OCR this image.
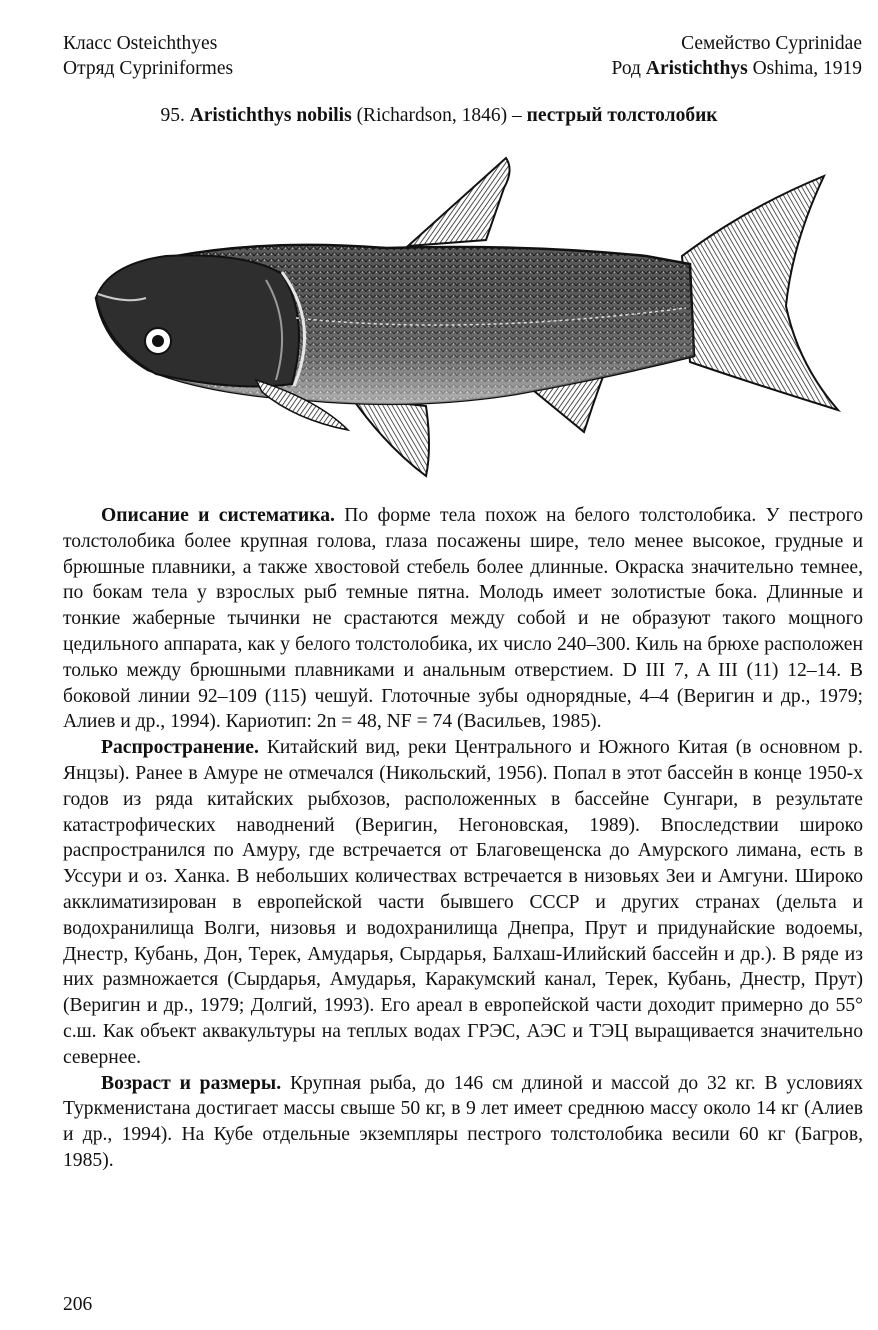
Класс Osteichthyes
Отряд Cypriniformes
Семейство Cyprinidae
Род Aristichthys Oshima, 1919
95. Aristichthys nobilis (Richardson, 1846) – пестрый толстолобик

Описание и систематика. По форме тела похож на белого толстолобика. У пестрого толстолобика более крупная голова, глаза посажены шире, тело менее высокое, грудные и брюшные плавники, а также хвостовой стебель более длинные. Окраска значительно темнее, по бокам тела у взрослых рыб темные пятна. Молодь имеет золотистые бока. Длинные и тонкие жаберные тычинки не срастаются между собой и не образуют такого мощного цедильного аппарата, как у белого толстолобика, их число 240–300. Киль на брюхе расположен только между брюшными плавниками и анальным отверстием. D III 7, A III (11) 12–14. В боковой линии 92–109 (115) чешуй. Глоточные зубы однорядные, 4–4 (Веригин и др., 1979; Алиев и др., 1994). Кариотип: 2n = 48, NF = 74 (Васильев, 1985).

Распространение. Китайский вид, реки Центрального и Южного Китая (в основном р. Янцзы). Ранее в Амуре не отмечался (Никольский, 1956). Попал в этот бассейн в конце 1950-х годов из ряда китайских рыбхозов, расположенных в бассейне Сунгари, в результате катастрофических наводнений (Веригин, Негоновская, 1989). Впоследствии широко распространился по Амуру, где встречается от Благовещенска до Амурского лимана, есть в Уссури и оз. Ханка. В небольших количествах встречается в низовьях Зеи и Амгуни. Широко акклиматизирован в европейской части бывшего СССР и других странах (дельта и водохранилища Волги, низовья и водохранилища Днепра, Прут и придунайские водоемы, Днестр, Кубань, Дон, Терек, Амударья, Сырдарья, Балхаш-Илийский бассейн и др.). В ряде из них размножается (Сырдарья, Амударья, Каракумский канал, Терек, Кубань, Днестр, Прут) (Веригин и др., 1979; Долгий, 1993). Его ареал в европейской части доходит примерно до 55° с.ш. Как объект аквакультуры на теплых водах ГРЭС, АЭС и ТЭЦ выращивается значительно севернее.

Возраст и размеры. Крупная рыба, до 146 см длиной и массой до 32 кг. В условиях Туркменистана достигает массы свыше 50 кг, в 9 лет имеет среднюю массу около 14 кг (Алиев и др., 1994). На Кубе отдельные экземпляры пестрого толстолобика весили 60 кг (Багров, 1985).

206
